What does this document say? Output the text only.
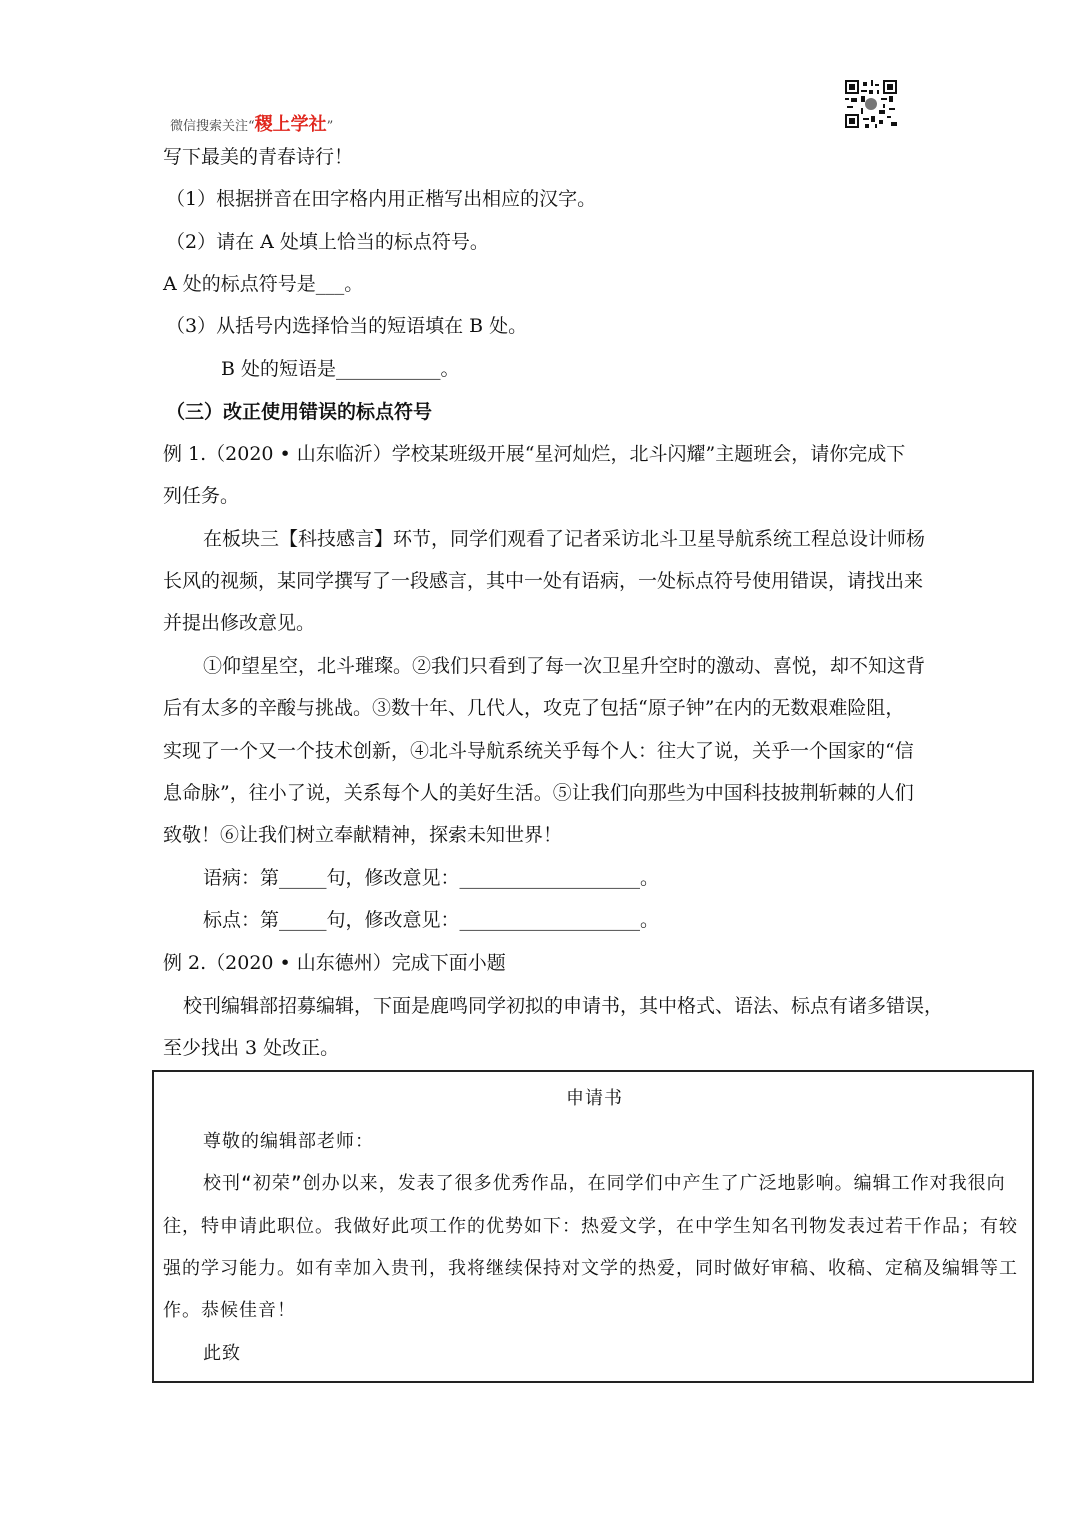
微信搜索关注“稷上学社”
写下最美的青春诗行！
（1）根据拼音在田字格内用正楷写出相应的汉字。
（2）请在 A 处填上恰当的标点符号。
A 处的标点符号是___。
（3）从括号内选择恰当的短语填在 B 处。
B 处的短语是___________。
（三）改正使用错误的标点符号
例 1.（2020 • 山东临沂）学校某班级开展“星河灿烂，北斗闪耀”主题班会，请你完成下
列任务。
在板块三【科技感言】环节，同学们观看了记者采访北斗卫星导航系统工程总设计师杨
长风的视频，某同学撰写了一段感言，其中一处有语病，一处标点符号使用错误，请找出来
并提出修改意见。
①仰望星空，北斗璀璨。②我们只看到了每一次卫星升空时的激动、喜悦，却不知这背
后有太多的辛酸与挑战。③数十年、几代人，攻克了包括“原子钟”在内的无数艰难险阻，
实现了一个又一个技术创新，④北斗导航系统关乎每个人：往大了说，关乎一个国家的“信
息命脉”，往小了说，关系每个人的美好生活。⑤让我们向那些为中国科技披荆斩棘的人们
致敬！⑥让我们树立奉献精神，探索未知世界！
语病：第_____句，修改意见：___________________。
标点：第_____句，修改意见：___________________。
例 2.（2020 • 山东德州）完成下面小题
校刊编辑部招募编辑，下面是鹿鸣同学初拟的申请书，其中格式、语法、标点有诸多错误，
至少找出 3 处改正。
申请书
尊敬的编辑部老师：
校刊“初荣”创办以来，发表了很多优秀作品，在同学们中产生了广泛地影响。编辑工作对我很向
往，特申请此职位。我做好此项工作的优势如下：热爱文学，在中学生知名刊物发表过若干作品；有较
强的学习能力。如有幸加入贵刊，我将继续保持对文学的热爱，同时做好审稿、收稿、定稿及编辑等工
作。恭候佳音！
此致
